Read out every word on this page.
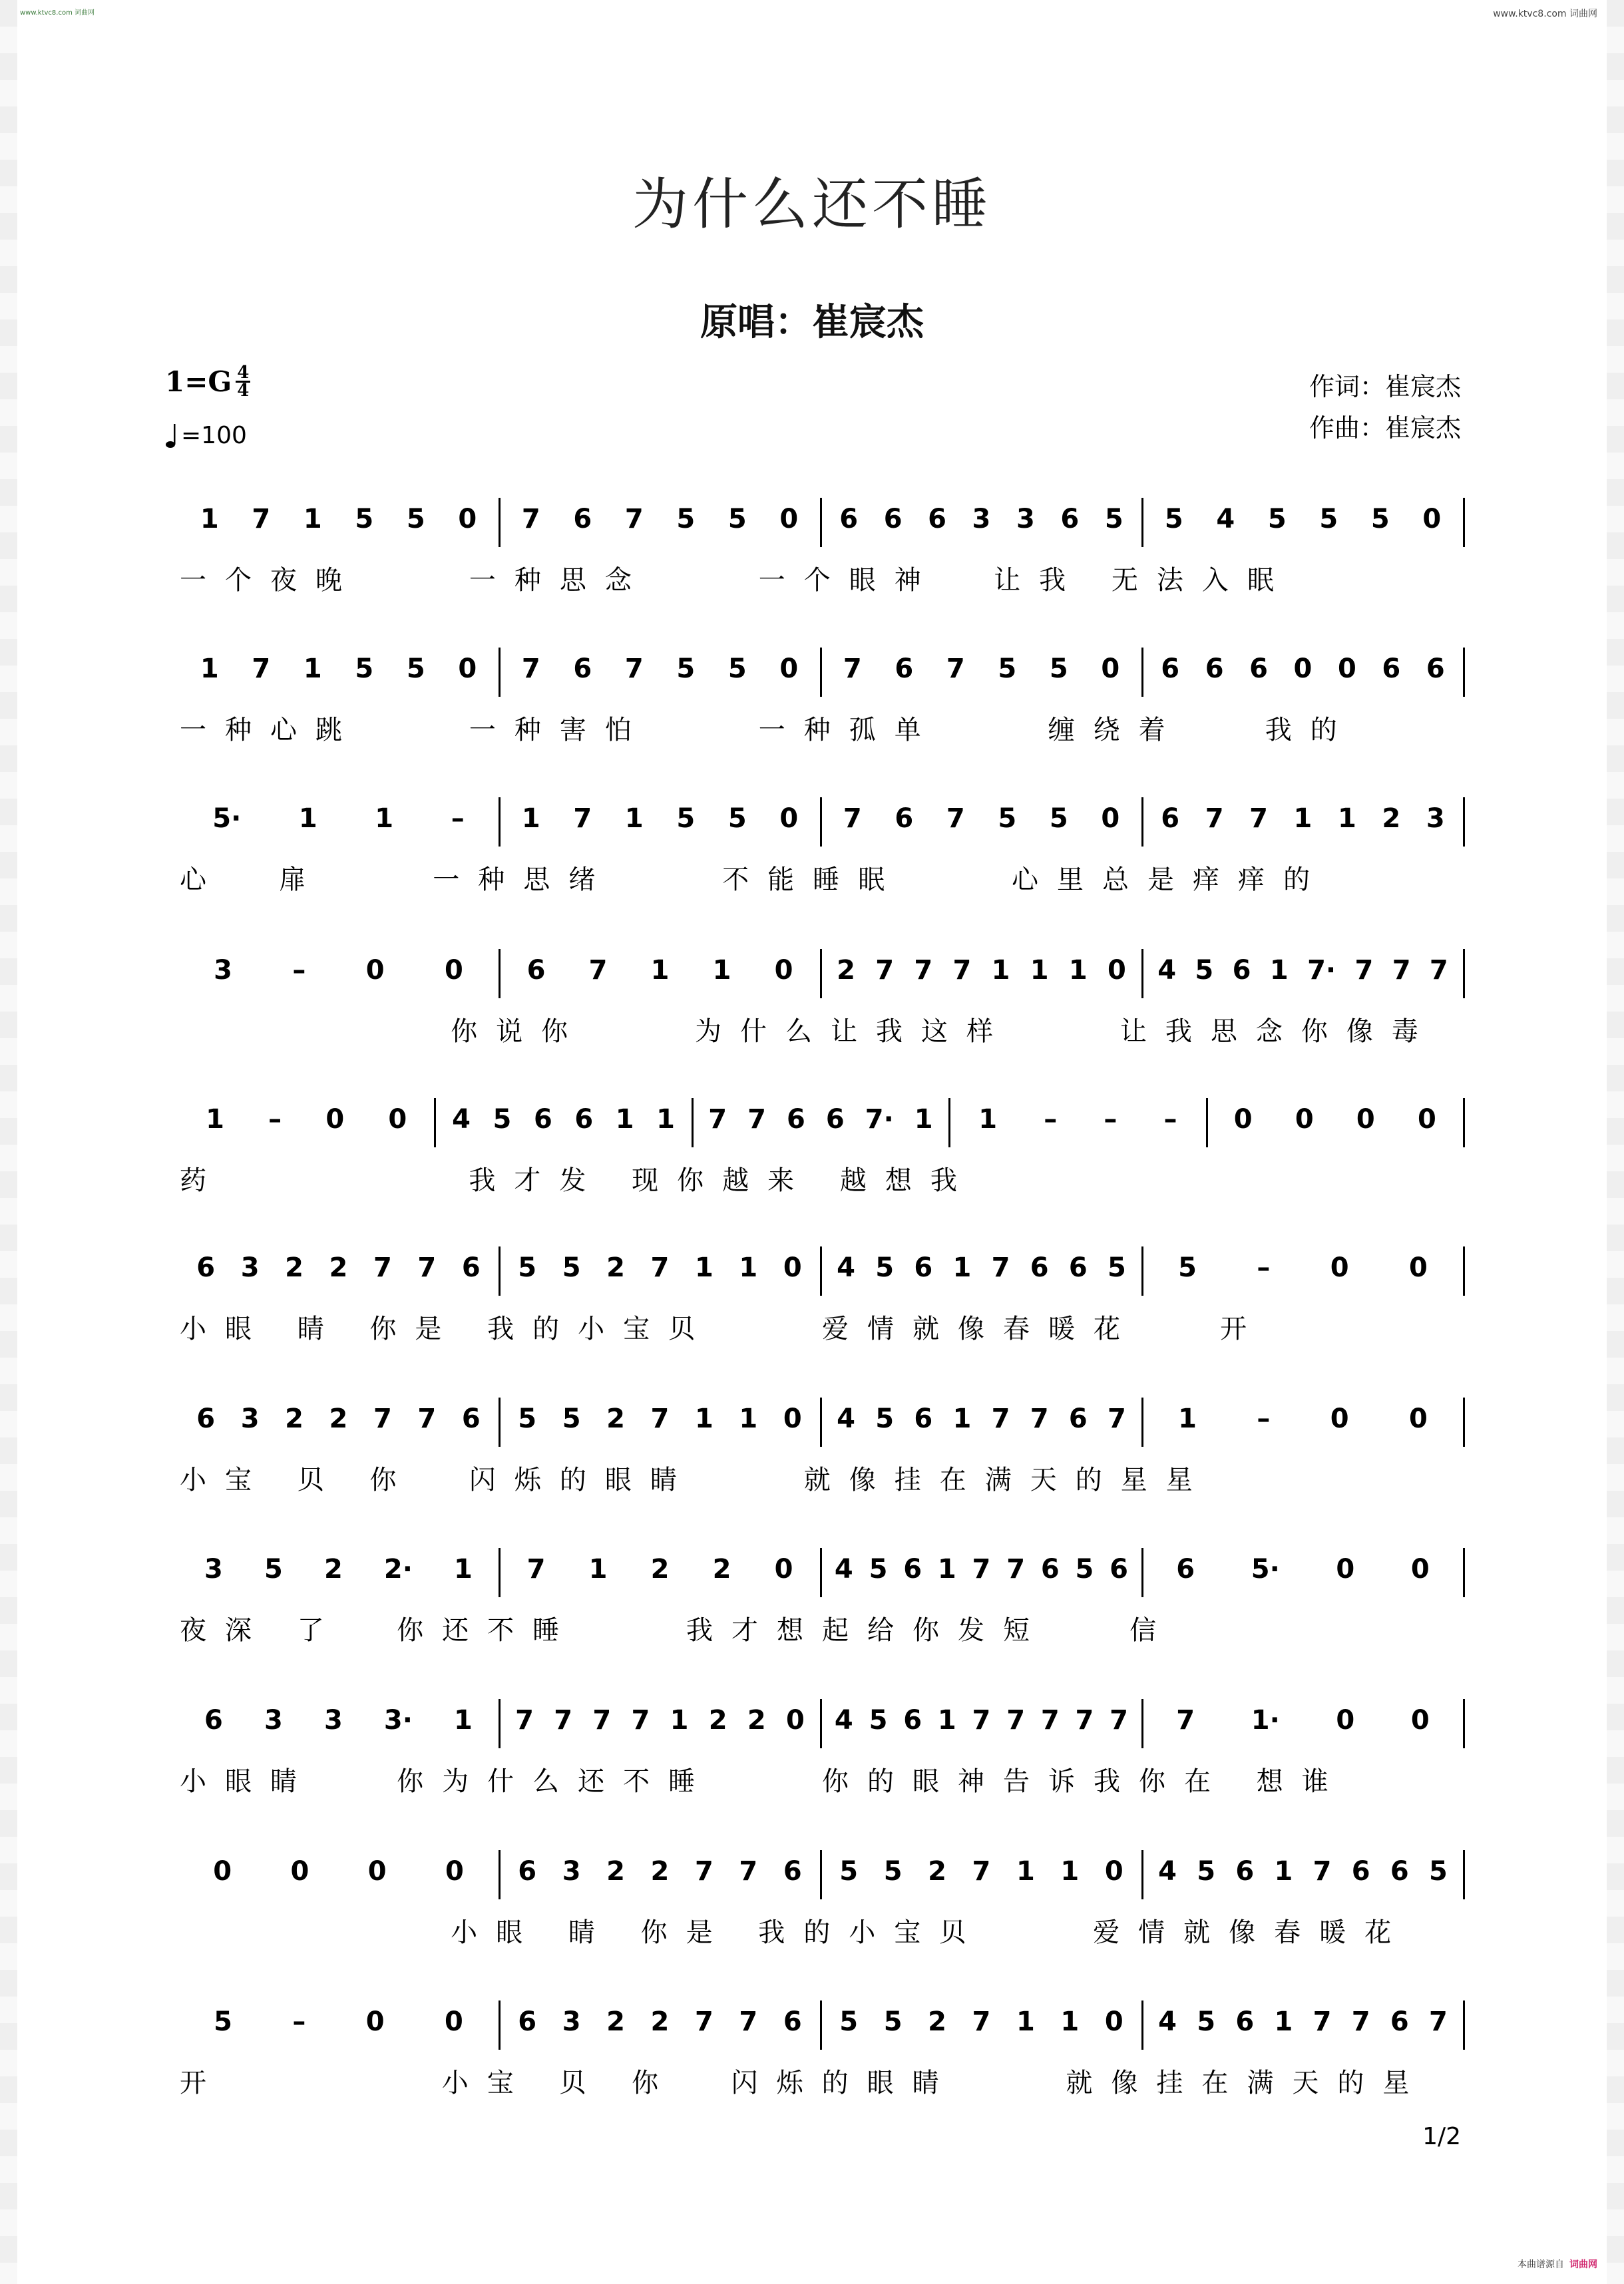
www.ktvc8.com 词曲网	www.ktvc8.com 词曲网
为什么还不睡
原唱：崔宸杰
1=G 4
4
=100
作词：崔宸杰
作曲：崔宸杰
1 7 1 5 5 0 7 6 7 5 5 0 6 6 6 3 3 6 5 5 4 5 5 5 0
一个夜晚    一种思念    一个眼神  让我 无法入眠
1 7 1 5 5 0 7 6 7 5 5 0 7 6 7 5 5 0 6 6 6 0 0 6 6
一种心跳    一种害怕    一种孤单    缠绕着   我的
5· 1 1 – 1 7 1 5 5 0 7 6 7 5 5 0 6 7 7 1 1 2 3
心  扉    一种思绪    不能睡眠    心里总是痒痒的
3 – 0 0 6 7 1 1 0 2 7 7 7 1 1 1 0 4 5 6 1 7· 7 7 7
你说你    为什么让我这样    让我思念你像毒
1 – 0 0 4 5 6 6 1 1 7 7 6 6 7· 1 1 – – – 0 0 0 0
药         我才发 现你越来 越想我
6 3 2 2 7 7 6 5 5 2 7 1 1 0 4 5 6 1 7 6 6 5 5 – 0 0
小眼 睛 你是 我的小宝贝    爱情就像春暖花   开
6 3 2 2 7 7 6 5 5 2 7 1 1 0 4 5 6 1 7 7 6 7 1 – 0 0
小宝 贝 你  闪烁的眼睛    就像挂在满天的星星
3 5 2 2· 1 7 1 2 2 0 4 5 6 1 7 7 6 5 6 6 5· 0 0
夜深 了  你还不睡    我才想起给你发短   信
6 3 3 3· 1 7 7 7 7 1 2 2 0 4 5 6 1 7 7 7 7 7 7 1· 0 0
小眼睛   你为什么还不睡    你的眼神告诉我你在 想谁
0 0 0 0 6 3 2 2 7 7 6 5 5 2 7 1 1 0 4 5 6 1 7 6 6 5
小眼 睛 你是 我的小宝贝    爱情就像春暖花
5 – 0 0 6 3 2 2 7 7 6 5 5 2 7 1 1 0 4 5 6 1 7 7 6 7
开        小宝 贝 你  闪烁的眼睛    就像挂在满天的星
1/2
本曲谱源自 词曲网
